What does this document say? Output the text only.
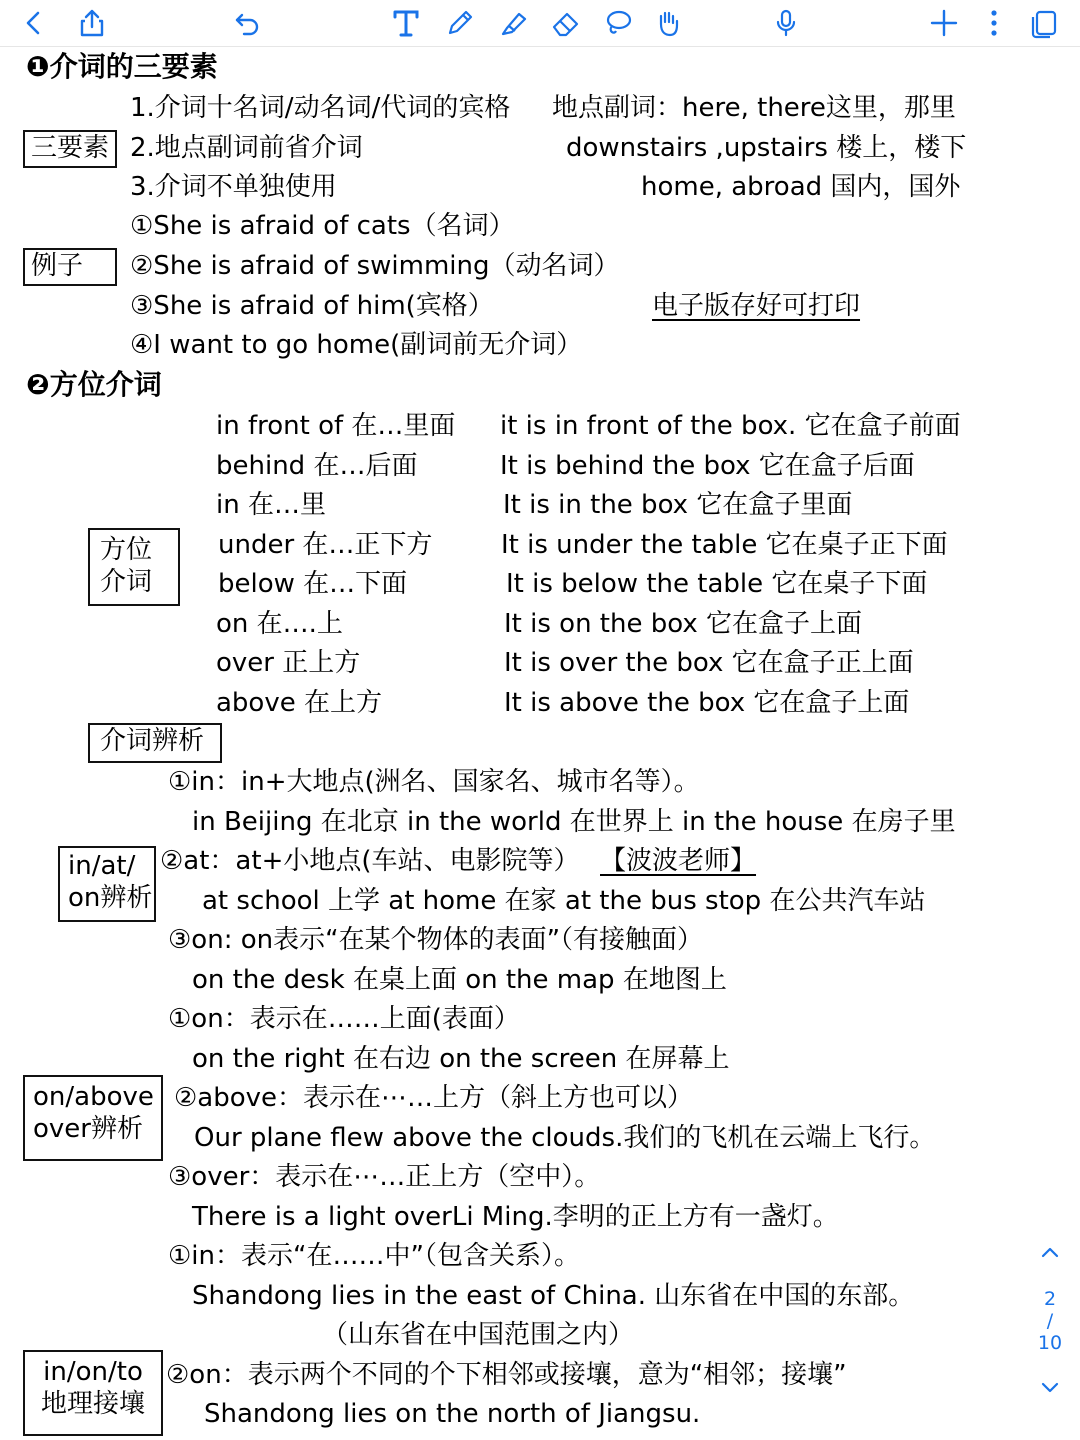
❶介词的三要素
1.介词十名词/动名词/代词的宾格
2.地点副词前省介词
3.介词不单独使用
地点副词：here, there这里，那里
downstairs ,upstairs 楼上，楼下
home, abroad 国内，国外
三要素
①She is afraid of cats（名词）
②She is afraid of swimming（动名词）
③She is afraid of him(宾格）
④I want to go home(副词前无介词）
例子
电子版存好可打印
❷方位介词
方位
介词
in front of 在…里面 it is in front of the box. 它在盒子前面
behind 在…后面	It is behind the box 它在盒子后面
in 在…里	It is in the box 它在盒子里面
under 在…正下方	It is under the table 它在桌子正下面
below 在…下面	It is below the table 它在桌子下面
on 在….上	It is on the box 它在盒子上面
over 正上方	It is over the box 它在盒子正上面
above 在上方	It is above the box 它在盒子上面
介词辨析
in/at/
on辨析
①in：in+大地点(洲名、国家名、城市名等）。
in Beijing 在北京 in the world 在世界上 in the house 在房子里
②at：at+小地点(车站、电影院等） 【波波老师】
at school 上学 at home 在家 at the bus stop 在公共汽车站
③on: on表示“在某个物体的表面”（有接触面）
on the desk 在桌上面 on the map 在地图上
on/above
over辨析
①on：表示在……上面(表面）
on the right 在右边 on the screen 在屏幕上
②above：表示在⋯…上方（斜上方也可以）
Our plane flew above the clouds.我们的飞机在云端上飞行。
③over：表示在⋯…正上方（空中）。
There is a light overLi Ming.李明的正上方有一盏灯。
in/on/to
地理接壤
①in：表示“在……中”（包含关系）。
Shandong lies in the east of China. 山东省在中国的东部。
（山东省在中国范围之内）
②on：表示两个不同的个下相邻或接壤，意为“相邻；接壤”
Shandong lies on the north of Jiangsu.
2
/
10
